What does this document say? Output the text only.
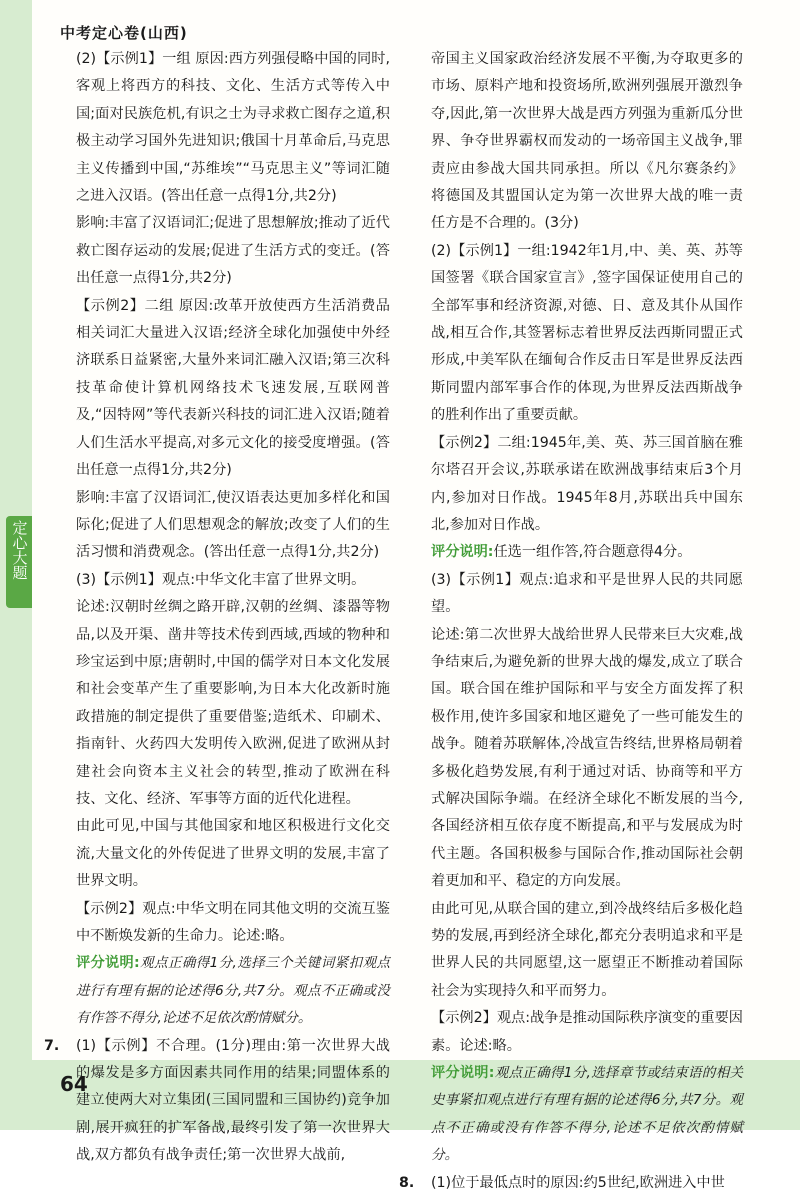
中考定心卷(山西)
定心大题

(2)【示例1】一组 原因:西方列强侵略中国的同时,客观上将西方的科技、文化、生活方式等传入中国;面对民族危机,有识之士为寻求救亡图存之道,积极主动学习国外先进知识;俄国十月革命后,马克思主义传播到中国,“苏维埃”“马克思主义”等词汇随之进入汉语。(答出任意一点得1分,共2分)

影响:丰富了汉语词汇;促进了思想解放;推动了近代救亡图存运动的发展;促进了生活方式的变迁。(答出任意一点得1分,共2分)

【示例2】二组 原因:改革开放使西方生活消费品相关词汇大量进入汉语;经济全球化加强使中外经济联系日益紧密,大量外来词汇融入汉语;第三次科技革命使计算机网络技术飞速发展,互联网普及,“因特网”等代表新兴科技的词汇进入汉语;随着人们生活水平提高,对多元文化的接受度增强。(答出任意一点得1分,共2分)

影响:丰富了汉语词汇,使汉语表达更加多样化和国际化;促进了人们思想观念的解放;改变了人们的生活习惯和消费观念。(答出任意一点得1分,共2分)

(3)【示例1】观点:中华文化丰富了世界文明。

论述:汉朝时丝绸之路开辟,汉朝的丝绸、漆器等物品,以及开渠、凿井等技术传到西域,西域的物种和珍宝运到中原;唐朝时,中国的儒学对日本文化发展和社会变革产生了重要影响,为日本大化改新时施政措施的制定提供了重要借鉴;造纸术、印刷术、指南针、火药四大发明传入欧洲,促进了欧洲从封建社会向资本主义社会的转型,推动了欧洲在科技、文化、经济、军事等方面的近代化进程。

由此可见,中国与其他国家和地区积极进行文化交流,大量文化的外传促进了世界文明的发展,丰富了世界文明。

【示例2】观点:中华文明在同其他文明的交流互鉴中不断焕发新的生命力。论述:略。

评分说明:观点正确得1分,选择三个关键词紧扣观点进行有理有据的论述得6分,共7分。观点不正确或没有作答不得分,论述不足依次酌情赋分。

7. (1)【示例】不合理。(1分)理由:第一次世界大战的爆发是多方面因素共同作用的结果;同盟体系的建立使两大对立集团(三国同盟和三国协约)竞争加剧,展开疯狂的扩军备战,最终引发了第一次世界大战,双方都负有战争责任;第一次世界大战前,

帝国主义国家政治经济发展不平衡,为夺取更多的市场、原料产地和投资场所,欧洲列强展开激烈争夺,因此,第一次世界大战是西方列强为重新瓜分世界、争夺世界霸权而发动的一场帝国主义战争,罪责应由参战大国共同承担。所以《凡尔赛条约》将德国及其盟国认定为第一次世界大战的唯一责任方是不合理的。(3分)

(2)【示例1】一组:1942年1月,中、美、英、苏等国签署《联合国家宣言》,签字国保证使用自己的全部军事和经济资源,对德、日、意及其仆从国作战,相互合作,其签署标志着世界反法西斯同盟正式形成,中美军队在缅甸合作反击日军是世界反法西斯同盟内部军事合作的体现,为世界反法西斯战争的胜利作出了重要贡献。

【示例2】二组:1945年,美、英、苏三国首脑在雅尔塔召开会议,苏联承诺在欧洲战事结束后3个月内,参加对日作战。1945年8月,苏联出兵中国东北,参加对日作战。

评分说明:任选一组作答,符合题意得4分。

(3)【示例1】观点:追求和平是世界人民的共同愿望。

论述:第二次世界大战给世界人民带来巨大灾难,战争结束后,为避免新的世界大战的爆发,成立了联合国。联合国在维护国际和平与安全方面发挥了积极作用,使许多国家和地区避免了一些可能发生的战争。随着苏联解体,冷战宣告终结,世界格局朝着多极化趋势发展,有利于通过对话、协商等和平方式解决国际争端。在经济全球化不断发展的当今,各国经济相互依存度不断提高,和平与发展成为时代主题。各国积极参与国际合作,推动国际社会朝着更加和平、稳定的方向发展。

由此可见,从联合国的建立,到冷战终结后多极化趋势的发展,再到经济全球化,都充分表明追求和平是世界人民的共同愿望,这一愿望正不断推动着国际社会为实现持久和平而努力。

【示例2】观点:战争是推动国际秩序演变的重要因素。论述:略。

评分说明:观点正确得1分,选择章节或结束语的相关史事紧扣观点进行有理有据的论述得6分,共7分。观点不正确或没有作答不得分,论述不足依次酌情赋分。

8. (1)位于最低点时的原因:约5世纪,欧洲进入中世

64
